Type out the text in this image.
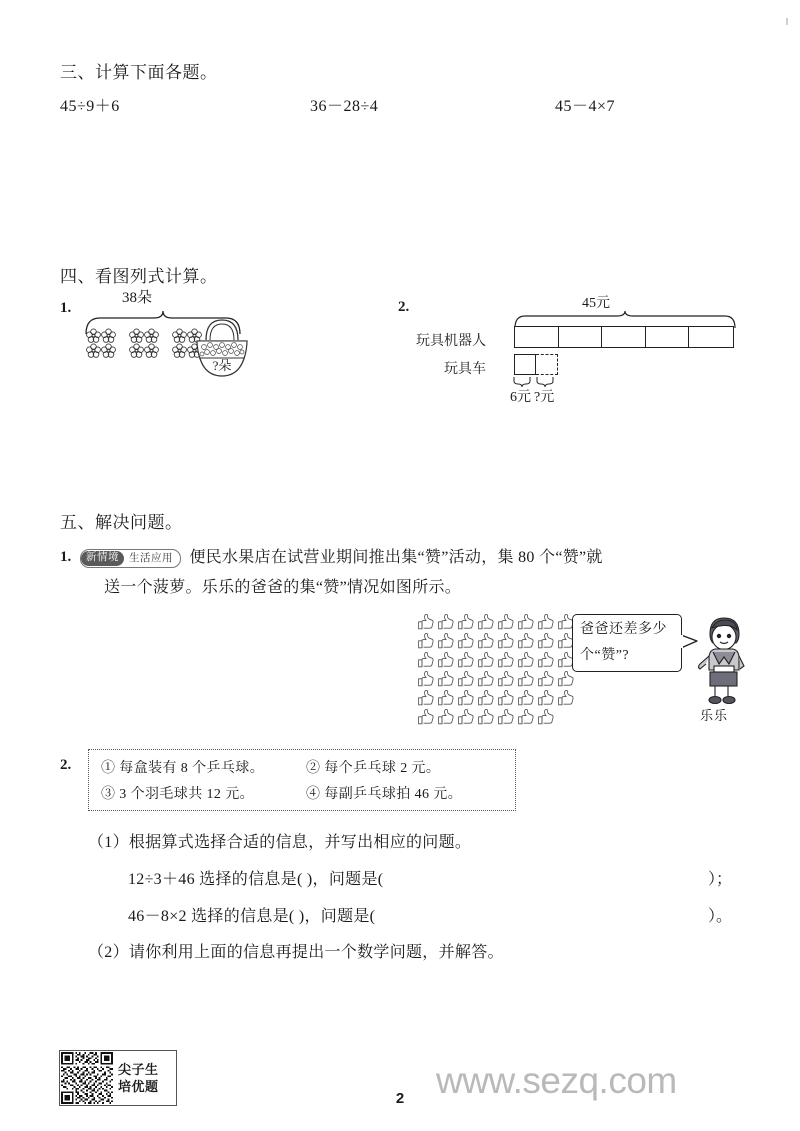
三、计算下面各题。
45÷9＋6	36－28÷4	45－4×7
四、看图列式计算。
1.
38朵
?朵
2.	45元
玩具机器人
玩具车
6元 ?元
五、解决问题。
1.	新情境 生活应用 便民水果店在试营业期间推出集“赞”活动，集 80 个“赞”就
送一个菠萝。乐乐的爸爸的集“赞”情况如图所示。
爸爸还差多少
个“赞”?
乐乐
2. ① 每盒装有 8 个乒乓球。	② 每个乒乓球 2 元。
③ 3 个羽毛球共 12 元。	④ 每副乒乓球拍 46 元。
（1）根据算式选择合适的信息，并写出相应的问题。
12÷3＋46 选择的信息是( )，问题是(	）；
46－8×2 选择的信息是( )，问题是(	）。
（2）请你利用上面的信息再提出一个数学问题，并解答。
尖子生
培优题	www.sezq.com
2
